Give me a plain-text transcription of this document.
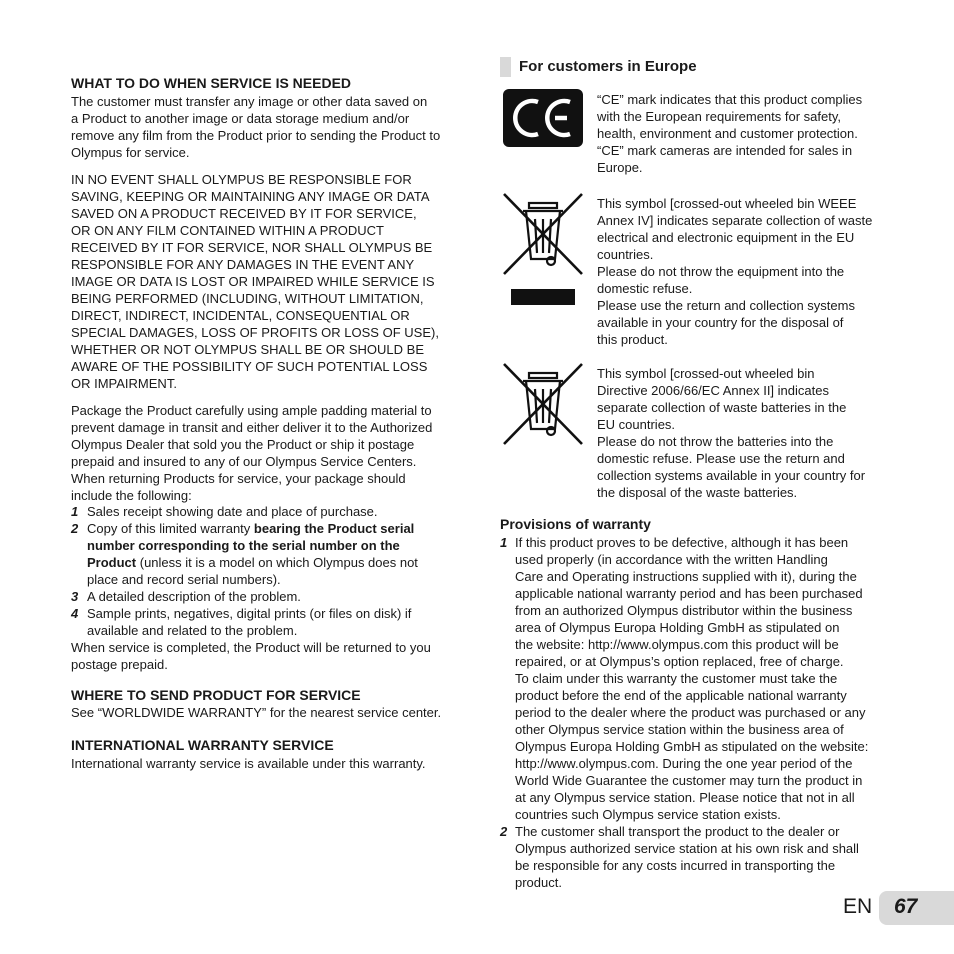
WHAT TO DO WHEN SERVICE IS NEEDED

The customer must transfer any image or other data saved on

a Product to another image or data storage medium and/or

remove any film from the Product prior to sending the Product to

Olympus for service.

IN NO EVENT SHALL OLYMPUS BE RESPONSIBLE FOR

SAVING, KEEPING OR MAINTAINING ANY IMAGE OR DATA

SAVED ON A PRODUCT RECEIVED BY IT FOR SERVICE,

OR ON ANY FILM CONTAINED WITHIN A PRODUCT

RECEIVED BY IT FOR SERVICE, NOR SHALL OLYMPUS BE

RESPONSIBLE FOR ANY DAMAGES IN THE EVENT ANY

IMAGE OR DATA IS LOST OR IMPAIRED WHILE SERVICE IS

BEING PERFORMED (INCLUDING, WITHOUT LIMITATION,

DIRECT, INDIRECT, INCIDENTAL, CONSEQUENTIAL OR

SPECIAL DAMAGES, LOSS OF PROFITS OR LOSS OF USE),

WHETHER OR NOT OLYMPUS SHALL BE OR SHOULD BE

AWARE OF THE POSSIBILITY OF SUCH POTENTIAL LOSS

OR IMPAIRMENT.

Package the Product carefully using ample padding material to

prevent damage in transit and either deliver it to the Authorized

Olympus Dealer that sold you the Product or ship it postage

prepaid and insured to any of our Olympus Service Centers.

When returning Products for service, your package should

include the following:

1 Sales receipt showing date and place of purchase.

2 Copy of this limited warranty bearing the Product serial

number corresponding to the serial number on the

Product (unless it is a model on which Olympus does not

place and record serial numbers).

3 A detailed description of the problem.

4 Sample prints, negatives, digital prints (or files on disk) if

available and related to the problem.

When service is completed, the Product will be returned to you

postage prepaid.

WHERE TO SEND PRODUCT FOR SERVICE

See “WORLDWIDE WARRANTY” for the nearest service center.

INTERNATIONAL WARRANTY SERVICE

International warranty service is available under this warranty.

For customers in Europe

“CE” mark indicates that this product complies

with the European requirements for safety,

health, environment and customer protection.

“CE” mark cameras are intended for sales in

Europe.

This symbol [crossed-out wheeled bin WEEE

Annex IV] indicates separate collection of waste

electrical and electronic equipment in the EU

countries.

Please do not throw the equipment into the

domestic refuse.

Please use the return and collection systems

available in your country for the disposal of

this product.

This symbol [crossed-out wheeled bin

Directive 2006/66/EC Annex II] indicates

separate collection of waste batteries in the

EU countries.

Please do not throw the batteries into the

domestic refuse. Please use the return and

collection systems available in your country for

the disposal of the waste batteries.

Provisions of warranty
1 If this product proves to be defective, although it has been

used properly (in accordance with the written Handling

Care and Operating instructions supplied with it), during the

applicable national warranty period and has been purchased

from an authorized Olympus distributor within the business

area of Olympus Europa Holding GmbH as stipulated on

the website: http://www.olympus.com this product will be

repaired, or at Olympus’s option replaced, free of charge.

To claim under this warranty the customer must take the

product before the end of the applicable national warranty

period to the dealer where the product was purchased or any

other Olympus service station within the business area of

Olympus Europa Holding GmbH as stipulated on the website:

http://www.olympus.com. During the one year period of the

World Wide Guarantee the customer may turn the product in

at any Olympus service station. Please notice that not in all

countries such Olympus service station exists.

2 The customer shall transport the product to the dealer or

Olympus authorized service station at his own risk and shall

be responsible for any costs incurred in transporting the

product.

EN 67
